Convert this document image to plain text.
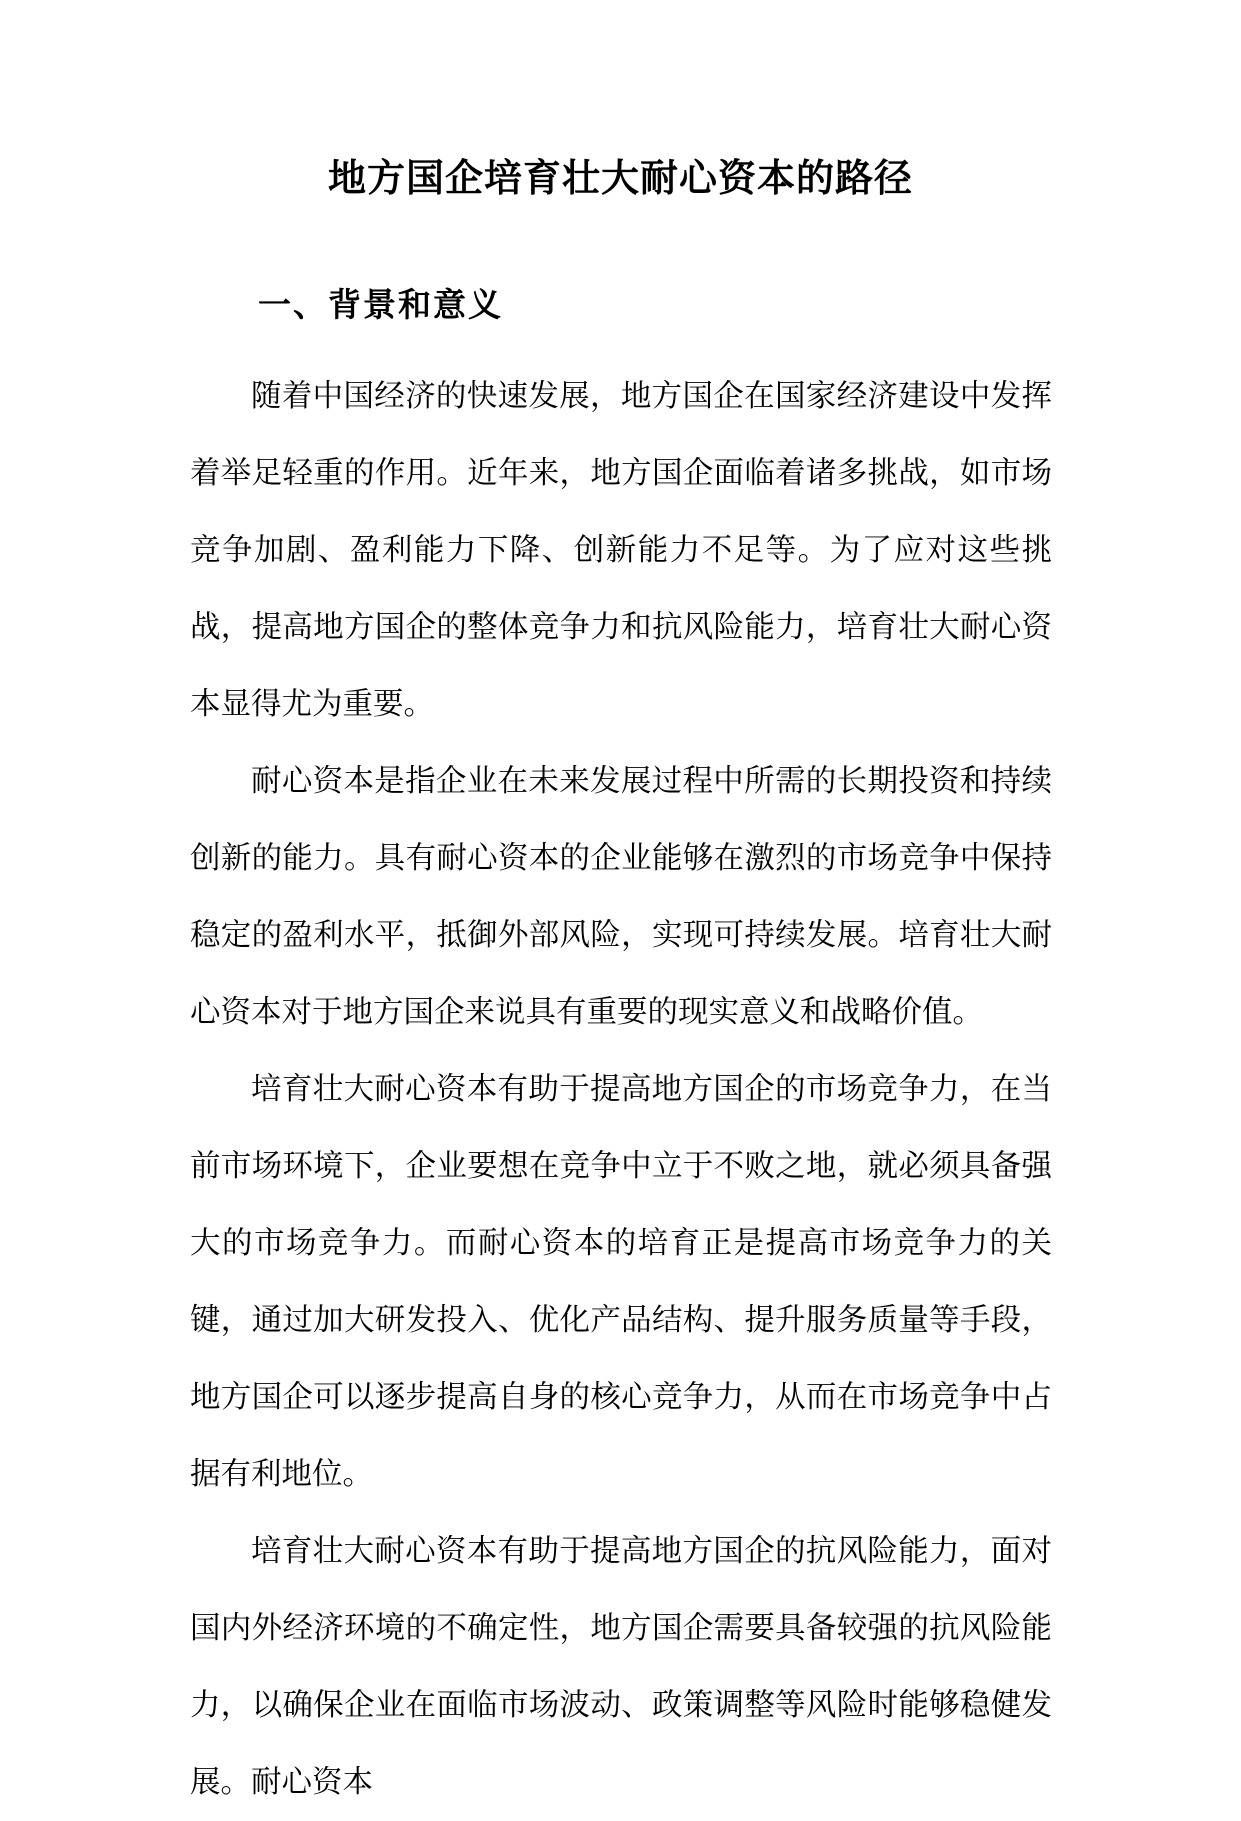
地方国企培育壮大耐心资本的路径
一、背景和意义

随着中国经济的快速发展，地方国企在国家经济建设中发挥着举足轻重的作用。近年来，地方国企面临着诸多挑战，如市场竞争加剧、盈利能力下降、创新能力不足等。为了应对这些挑战，提高地方国企的整体竞争力和抗风险能力，培育壮大耐心资本显得尤为重要。

耐心资本是指企业在未来发展过程中所需的长期投资和持续创新的能力。具有耐心资本的企业能够在激烈的市场竞争中保持稳定的盈利水平，抵御外部风险，实现可持续发展。培育壮大耐心资本对于地方国企来说具有重要的现实意义和战略价值。

培育壮大耐心资本有助于提高地方国企的市场竞争力，在当前市场环境下，企业要想在竞争中立于不败之地，就必须具备强大的市场竞争力。而耐心资本的培育正是提高市场竞争力的关键，通过加大研发投入、优化产品结构、提升服务质量等手段，地方国企可以逐步提高自身的核心竞争力，从而在市场竞争中占据有利地位。

培育壮大耐心资本有助于提高地方国企的抗风险能力，面对国内外经济环境的不确定性，地方国企需要具备较强的抗风险能力，以确保企业在面临市场波动、政策调整等风险时能够稳健发展。耐心资本
